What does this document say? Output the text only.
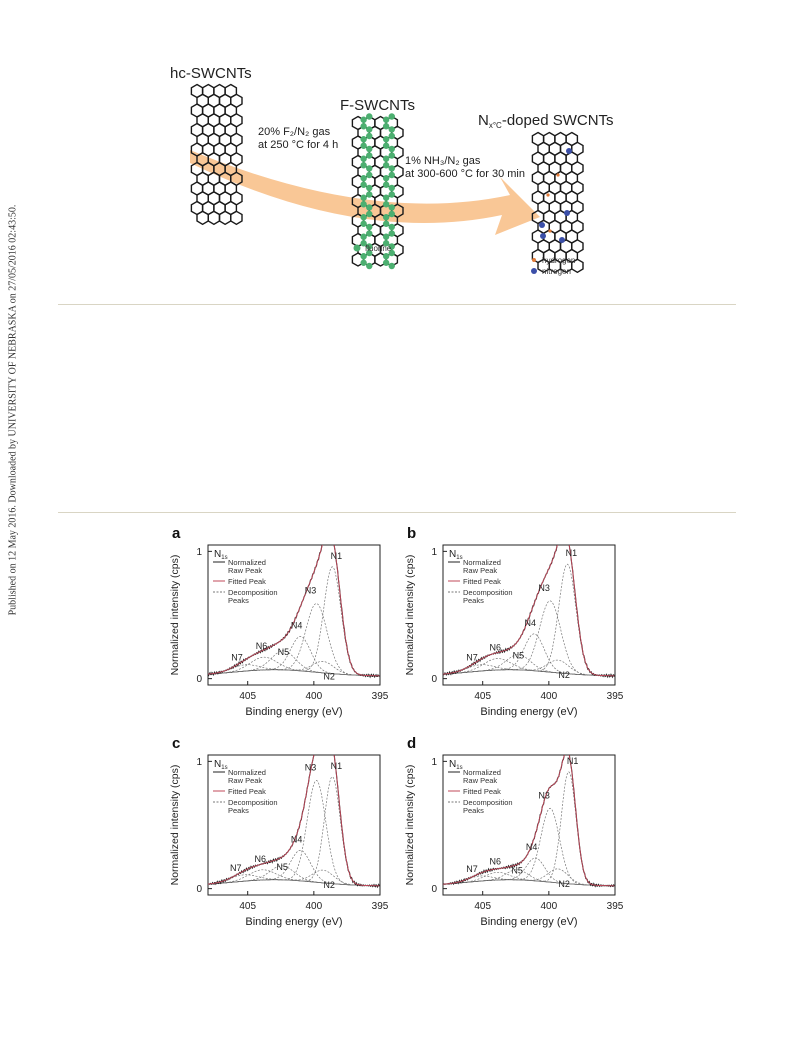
Published on 12 May 2016. Downloaded by UNIVERSITY OF NEBRASKA on 27/05/2016 02:43:50.
hc-SWCNTs
F-SWCNTs
$N_{x^\circ C}$-doped SWCNTs
20% F₂/N₂ gas
at 250 °C for 4 h
1% NH₃/N₂ gas
at 300-600 °C for 30 min
fluorine
hydrogen
nitrogen
a
405	400	395
0
1
Binding energy (eV)
Normalized intensity (cps)
$N_{1s}$ Normalized Raw Peak
Fitted Peak
Decomposition Peaks
N1
N2
N3
N4
N5
N6
N7
b
405	400	395
0
1
Binding energy (eV)
Normalized intensity (cps)
$N_{1s}$ Normalized Raw Peak
Fitted Peak
Decomposition Peaks
N1
N2
N3
N4
N5
N6
N7
c
405	400	395
0
1
Binding energy (eV)
Normalized intensity (cps)
$N_{1s}$ Normalized Raw Peak
Fitted Peak
Decomposition Peaks
N1
N2
N3
N4
N5
N6
N7
d
405	400	395
0
1
Binding energy (eV)
Normalized intensity (cps)
$N_{1s}$ Normalized Raw Peak
Fitted Peak
Decomposition Peaks
N1
N2
N3
N4
N5
N6
N7
